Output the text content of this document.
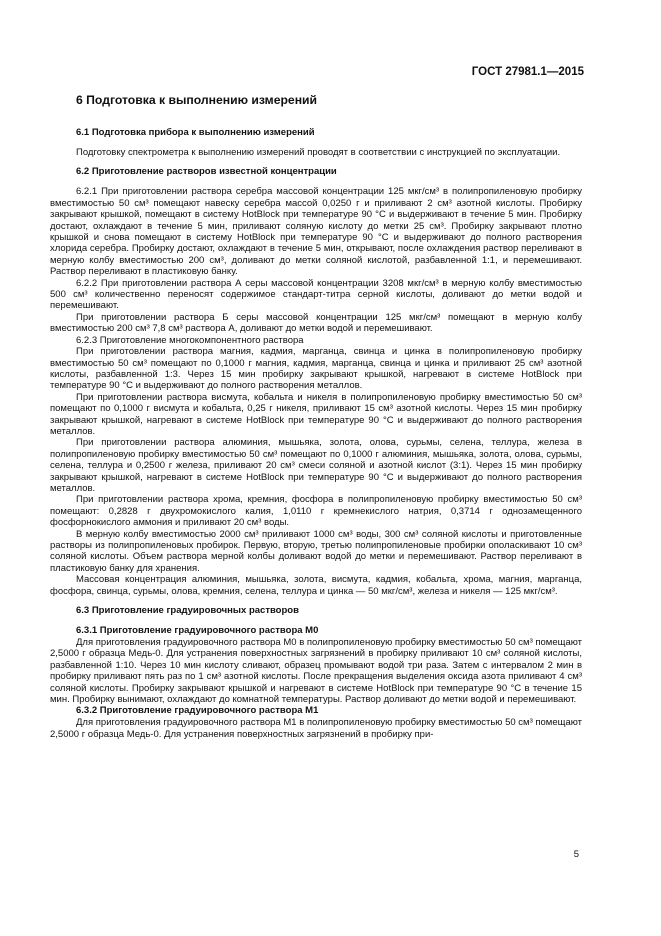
ГОСТ 27981.1—2015
6 Подготовка к выполнению измерений
6.1 Подготовка прибора к выполнению измерений

Подготовку спектрометра к выполнению измерений проводят в соответствии с инструкцией по эксплуатации.

6.2 Приготовление растворов известной концентрации

6.2.1 При приготовлении раствора серебра массовой концентрации 125 мкг/см³ в полипропиленовую пробирку вместимостью 50 см³ помещают навеску серебра массой 0,0250 г и приливают 2 см³ азотной кислоты. Пробирку закрывают крышкой, помещают в систему HotBlock при температуре 90 °С и выдерживают в течение 5 мин. Пробирку достают, охлаждают в течение 5 мин, приливают соляную кислоту до метки 25 см³. Пробирку закрывают плотно крышкой и снова помещают в систему HotBlock при температуре 90 °С и выдерживают до полного растворения хлорида серебра. Пробирку достают, охлаждают в течение 5 мин, открывают, после охлаждения раствор переливают в мерную колбу вместимостью 200 см³, доливают до метки соляной кислотой, разбавленной 1:1, и перемешивают. Раствор переливают в пластиковую банку.

6.2.2 При приготовлении раствора А серы массовой концентрации 3208 мкг/см³ в мерную колбу вместимостью 500 см³ количественно переносят содержимое стандарт-титра серной кислоты, доливают до метки водой и перемешивают.

При приготовлении раствора Б серы массовой концентрации 125 мкг/см³ помещают в мерную колбу вместимостью 200 см³ 7,8 см³ раствора А, доливают до метки водой и перемешивают.

6.2.3 Приготовление многокомпонентного раствора

При приготовлении раствора магния, кадмия, марганца, свинца и цинка в полипропиленовую пробирку вместимостью 50 см³ помещают по 0,1000 г магния, кадмия, марганца, свинца и цинка и приливают 25 см³ азотной кислоты, разбавленной 1:3. Через 15 мин пробирку закрывают крышкой, нагревают в системе HotBlock при температуре 90 °С и выдерживают до полного растворения металлов.

При приготовлении раствора висмута, кобальта и никеля в полипропиленовую пробирку вместимостью 50 см³ помещают по 0,1000 г висмута и кобальта, 0,25 г никеля, приливают 15 см³ азотной кислоты. Через 15 мин пробирку закрывают крышкой, нагревают в системе HotBlock при температуре 90 °С и выдерживают до полного растворения металлов.

При приготовлении раствора алюминия, мышьяка, золота, олова, сурьмы, селена, теллура, железа в полипропиленовую пробирку вместимостью 50 см³ помещают по 0,1000 г алюминия, мышьяка, золота, олова, сурьмы, селена, теллура и 0,2500 г железа, приливают 20 см³ смеси соляной и азотной кислот (3:1). Через 15 мин пробирку закрывают крышкой, нагревают в системе HotBlock при температуре 90 °С и выдерживают до полного растворения металлов.

При приготовлении раствора хрома, кремния, фосфора в полипропиленовую пробирку вместимостью 50 см³ помещают: 0,2828 г двухромокислого калия, 1,0110 г кремнекислого натрия, 0,3714 г однозамещенного фосфорнокислого аммония и приливают 20 см³ воды.

В мерную колбу вместимостью 2000 см³ приливают 1000 см³ воды, 300 см³ соляной кислоты и приготовленные растворы из полипропиленовых пробирок. Первую, вторую, третью полипропиленовые пробирки ополаскивают 10 см³ соляной кислоты. Объем раствора мерной колбы доливают водой до метки и перемешивают. Раствор переливают в пластиковую банку для хранения.

Массовая концентрация алюминия, мышьяка, золота, висмута, кадмия, кобальта, хрома, магния, марганца, фосфора, свинца, сурьмы, олова, кремния, селена, теллура и цинка — 50 мкг/см³, железа и никеля — 125 мкг/см³.

6.3 Приготовление градуировочных растворов
6.3.1 Приготовление градуировочного раствора М0

Для приготовления градуировочного раствора М0 в полипропиленовую пробирку вместимостью 50 см³ помещают 2,5000 г образца Медь-0. Для устранения поверхностных загрязнений в пробирку приливают 10 см³ соляной кислоты, разбавленной 1:10. Через 10 мин кислоту сливают, образец промывают водой три раза. Затем с интервалом 2 мин в пробирку приливают пять раз по 1 см³ азотной кислоты. После прекращения выделения оксида азота приливают 4 см³ соляной кислоты. Пробирку закрывают крышкой и нагревают в системе HotBlock при температуре 90 °С в течение 15 мин. Пробирку вынимают, охлаждают до комнатной температуры. Раствор доливают до метки водой и перемешивают.

6.3.2 Приготовление градуировочного раствора М1

Для приготовления градуировочного раствора М1 в полипропиленовую пробирку вместимостью 50 см³ помещают 2,5000 г образца Медь-0. Для устранения поверхностных загрязнений в пробирку при-

5
